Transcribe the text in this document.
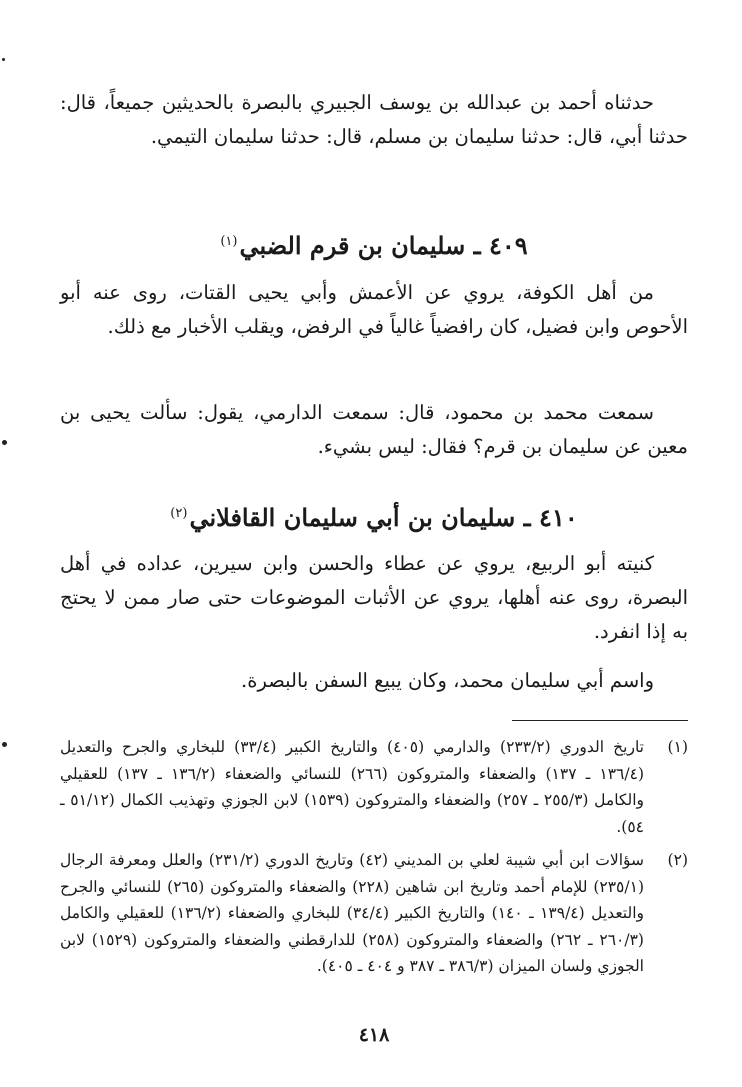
حدثناه أحمد بن عبدالله بن يوسف الجبيري بالبصرة بالحديثين جميعاً، قال: حدثنا أبي، قال: حدثنا سليمان بن مسلم، قال: حدثنا سليمان التيمي.

٤٠٩ ـ سليمان بن قرم الضبي$^{(١)}$

من أهل الكوفة، يروي عن الأعمش وأبي يحيى القتات، روى عنه أبو الأحوص وابن فضيل، كان رافضياً غالياً في الرفض، ويقلب الأخبار مع ذلك.

سمعت محمد بن محمود، قال: سمعت الدارمي، يقول: سألت يحيى بن معين عن سليمان بن قرم؟ فقال: ليس بشيء.

٤١٠ ـ سليمان بن أبي سليمان القافلاني$^{(٢)}$

كنيته أبو الربيع، يروي عن عطاء والحسن وابن سيرين، عداده في أهل البصرة، روى عنه أهلها، يروي عن الأثبات الموضوعات حتى صار ممن لا يحتج به إذا انفرد.

واسم أبي سليمان محمد، وكان يبيع السفن بالبصرة.

(١)
تاريخ الدوري (٢٣٣/٢) والدارمي (٤٠٥) والتاريخ الكبير (٣٣/٤) للبخاري والجرح والتعديل (١٣٦/٤ ـ ١٣٧) والضعفاء والمتروكون (٢٦٦) للنسائي والضعفاء (١٣٦/٢ ـ ١٣٧) للعقيلي والكامل (٢٥٥/٣ ـ ٢٥٧) والضعفاء والمتروكون (١٥٣٩) لابن الجوزي وتهذيب الكمال (٥١/١٢ ـ ٥٤).
(٢)
سؤالات ابن أبي شيبة لعلي بن المديني (٤٢) وتاريخ الدوري (٢٣١/٢) والعلل ومعرفة الرجال (٢٣٥/١) للإمام أحمد وتاريخ ابن شاهين (٢٢٨) والضعفاء والمتروكون (٢٦٥) للنسائي والجرح والتعديل (١٣٩/٤ ـ ١٤٠) والتاريخ الكبير (٣٤/٤) للبخاري والضعفاء (١٣٦/٢) للعقيلي والكامل (٢٦٠/٣ ـ ٢٦٢) والضعفاء والمتروكون (٢٥٨) للدارقطني والضعفاء والمتروكون (١٥٢٩) لابن الجوزي ولسان الميزان (٣٨٦/٣ ـ ٣٨٧ و ٤٠٤ ـ ٤٠٥).
٤١٨
